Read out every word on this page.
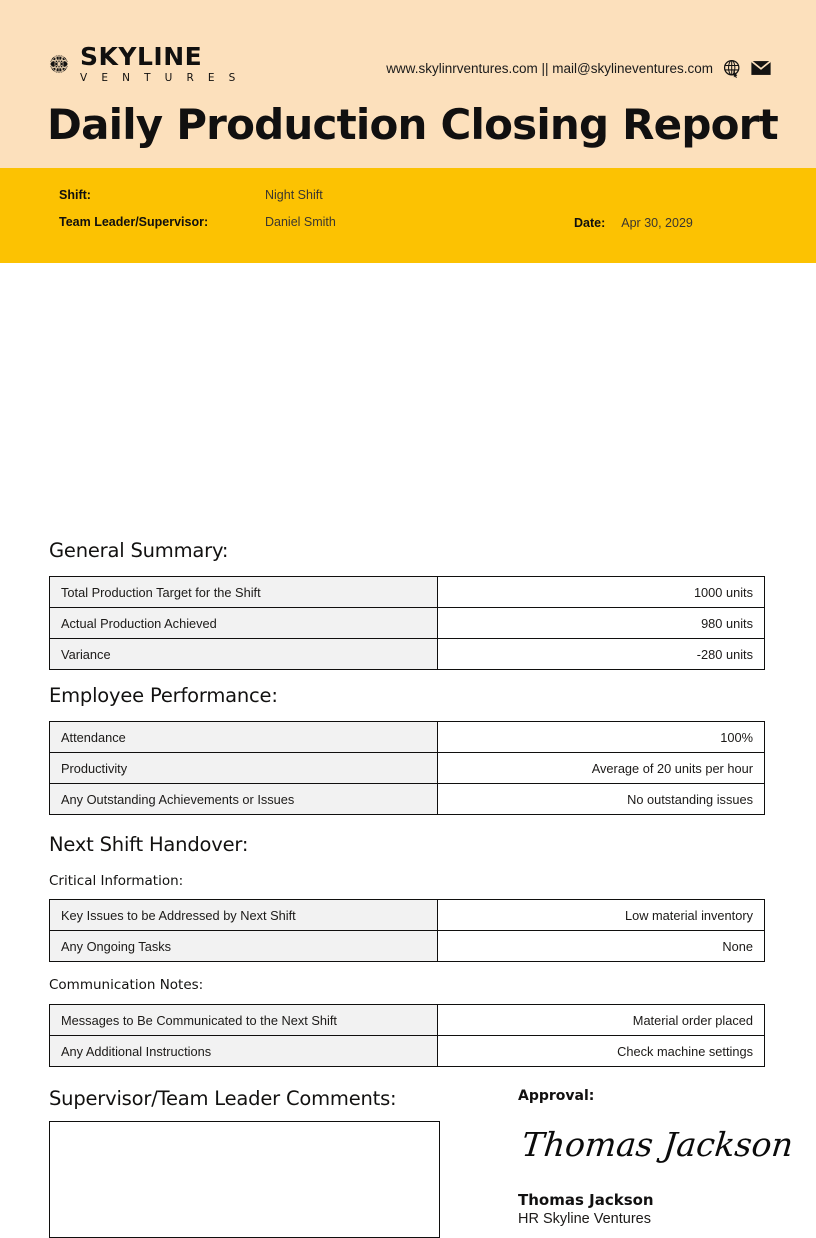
SKYLINE
V E N T U R E S
www.skylinrventures.com || mail@skylineventures.com
Daily Production Closing Report
Shift:	Night Shift
Team Leader/Supervisor:	Daniel Smith	Date: Apr 30, 2029
General Summary:
Total Production Target for the Shift	1000 units
Actual Production Achieved	980 units
Variance	-280 units
Employee Performance:
Attendance	100%
Productivity	Average of 20 units per hour
Any Outstanding Achievements or Issues	No outstanding issues
Next Shift Handover:
Critical Information:
Key Issues to be Addressed by Next Shift	Low material inventory
Any Ongoing Tasks	None
Communication Notes:
Messages to Be Communicated to the Next Shift	Material order placed
Any Additional Instructions	Check machine settings
Supervisor/Team Leader Comments:	Approval:
Thomas Jackson
Thomas Jackson
HR Skyline Ventures
